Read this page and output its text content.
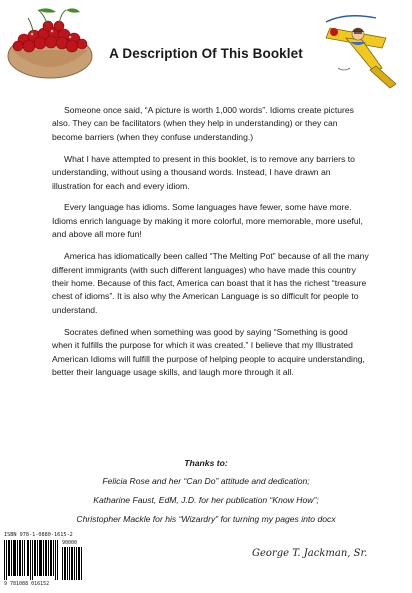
A Description Of This Booklet

Someone once said, “A picture is worth 1,000 words”. Idioms create pictures also. They can be facilitators (when they help in understanding) or they can become barriers (when they confuse understanding.)

What I have attempted to present in this booklet, is to remove any barriers to understanding, without using a thousand words. Instead, I have drawn an illustration for each and every idiom.

Every language has idioms. Some languages have fewer, some have more. Idioms enrich language by making it more colorful, more memorable, more useful, and above all more fun!

America has idiomatically been called “The Melting Pot” because of all the many different immigrants (with such different languages) who have made this country their home. Because of this fact, America can boast that it has the richest “treasure chest of idioms”. It is also why the American Language is so difficult for people to understand.

Socrates defined when something was good by saying “Something is good when it fulfills the purpose for which it was created.” I believe that my Illustrated American Idioms will fulfill the purpose of helping people to acquire understanding, better their language usage skills, and laugh more through it all.

Thanks to:
Felicia Rose and her “Can Do” attitude and dedication;
Katharine Faust, EdM, J.D. for her publication “Know How”;
Christopher Mackle for his “Wizardry” for turning my pages into docx
George T. Jackman, Sr.
ISBN 978-1-0880-1615-2
90000
9 781088 016152
